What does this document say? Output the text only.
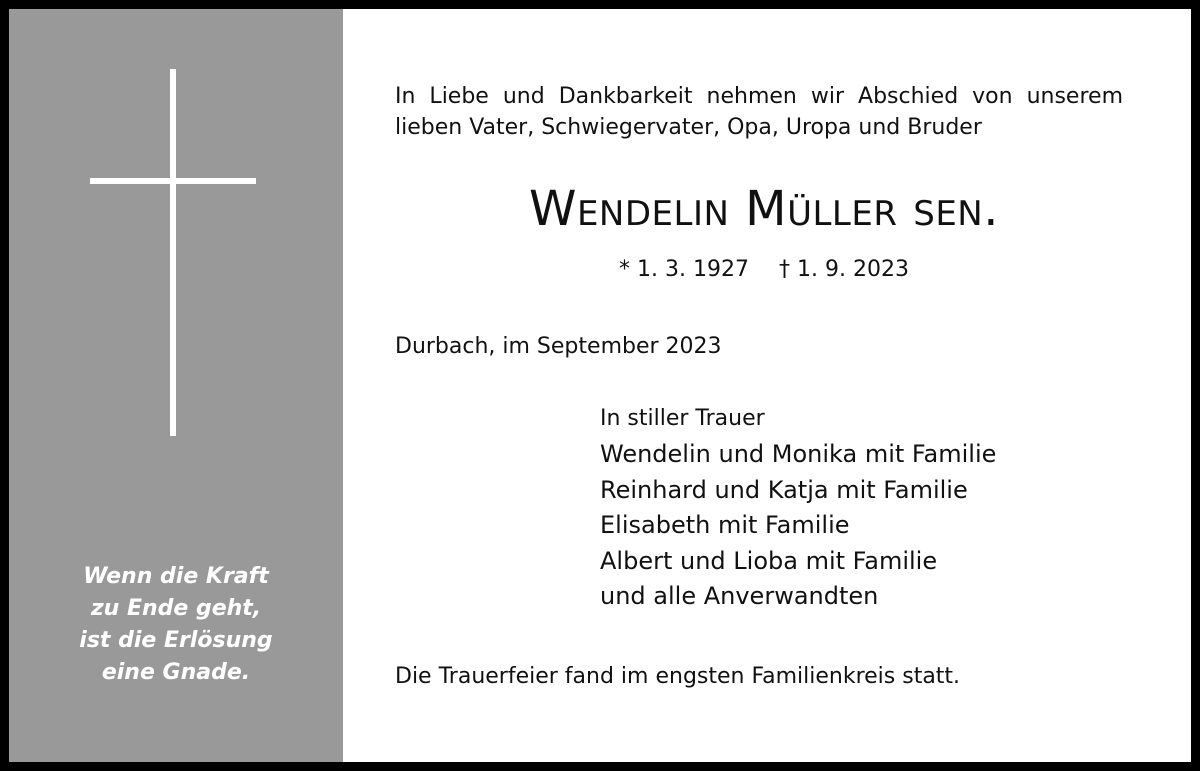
Wenn die Kraft
zu Ende geht,
ist die Erlösung
eine Gnade.
In Liebe und Dankbarkeit nehmen wir Abschied von unserem
lieben Vater, Schwiegervater, Opa, Uropa und Bruder
Wendelin Müller sen.
* 1. 3. 1927 † 1. 9. 2023
Durbach, im September 2023
In stiller Trauer
Wendelin und Monika mit Familie
Reinhard und Katja mit Familie
Elisabeth mit Familie
Albert und Lioba mit Familie
und alle Anverwandten
Die Trauerfeier fand im engsten Familienkreis statt.
